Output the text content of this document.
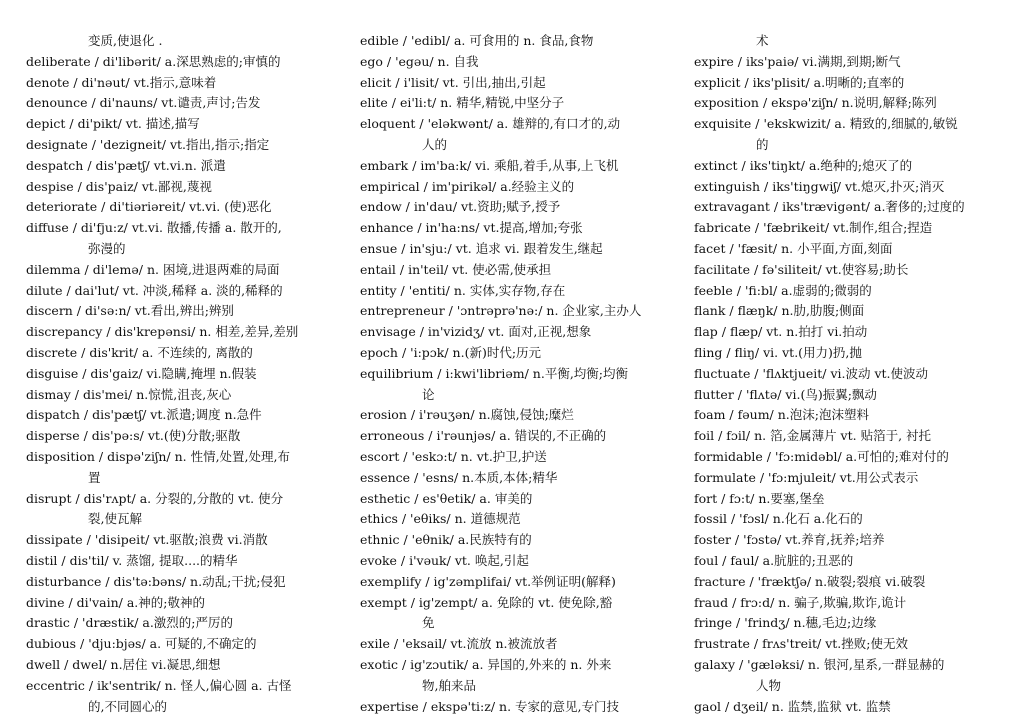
变质,使退化 .
deliberate / di'libərit/ a.深思熟虑的;审慎的
denote / di'nəut/ vt.指示,意味着
denounce / di'nauns/ vt.谴责,声讨;告发
depict / di'pikt/ vt. 描述,描写
designate / 'dezigneit/ vt.指出,指示;指定
despatch / dis'pætʃ/ vt.vi.n. 派遣
despise / dis'paiz/ vt.鄙视,蔑视
deteriorate / di'tiəriəreit/ vt.vi. (使)恶化
diffuse / di'fju:z/ vt.vi. 散播,传播 a. 散开的,
弥漫的
dilemma / di'lemə/ n. 困境,进退两难的局面
dilute / dai'lut/ vt. 冲淡,稀释 a. 淡的,稀释的
discern / di'sə:n/ vt.看出,辨出;辨别
discrepancy / dis'krepənsi/ n. 相差,差异,差别
discrete / dis'krit/ a. 不连续的, 离散的
disguise / dis'gaiz/ vi.隐瞒,掩埋 n.假装
dismay / dis'mei/ n.惊慌,沮丧,灰心
dispatch / dis'pætʃ/ vt.派遣;调度 n.急件
disperse / dis'pə:s/ vt.(使)分散;驱散
disposition / dispə'ziʃn/ n. 性情,处置,处理,布
置
disrupt / dis'rʌpt/ a. 分裂的,分散的 vt. 使分
裂,使瓦解
dissipate / 'disipeit/ vt.驱散;浪费 vi.消散
distil / dis'til/ v. 蒸馏, 提取....的精华
disturbance / dis'tə:bəns/ n.动乱;干扰;侵犯
divine / di'vain/ a.神的;敬神的
drastic / 'dræstik/ a.激烈的;严厉的
dubious / 'dju:bjəs/ a. 可疑的,不确定的
dwell / dwel/ n.居住 vi.凝思,细想
eccentric / ik'sentrik/ n. 怪人,偏心圆 a. 古怪
的,不同圆心的
edible / 'edibl/ a. 可食用的 n. 食品,食物
ego / 'egəu/ n. 自我
elicit / i'lisit/ vt. 引出,抽出,引起
elite / ei'li:t/ n. 精华,精锐,中坚分子
eloquent / 'eləkwənt/ a. 雄辩的,有口才的,动
人的
embark / im'ba:k/ vi. 乘船,着手,从事,上飞机
empirical / im'pirikəl/ a.经验主义的
endow / in'dau/ vt.资助;赋予,授予
enhance / in'ha:ns/ vt.提高,增加;夸张
ensue / in'sju:/ vt. 追求 vi. 跟着发生,继起
entail / in'teil/ vt. 使必需,使承担
entity / 'entiti/ n. 实体,实存物,存在
entrepreneur / 'ɔntrəprə'nə:/ n. 企业家,主办人
envisage / in'vizidʒ/ vt. 面对,正视,想象
epoch / 'i:pɔk/ n.(新)时代;历元
equilibrium / i:kwi'libriəm/ n.平衡,均衡;均衡
论
erosion / i'rəuʒən/ n.腐蚀,侵蚀;糜烂
erroneous / i'rəunjəs/ a. 错误的,不正确的
escort / 'eskɔ:t/ n. vt.护卫,护送
essence / 'esns/ n.本质,本体;精华
esthetic / es'θetik/ a. 审美的
ethics / 'eθiks/ n. 道德规范
ethnic / 'eθnik/ a.民族特有的
evoke / i'vəuk/ vt. 唤起,引起
exemplify / ig'zəmplifai/ vt.举例证明(解释)
exempt / ig'zempt/ a. 免除的 vt. 使免除,豁
免
exile / 'eksail/ vt.流放 n.被流放者
exotic / ig'zɔutik/ a. 异国的,外来的 n. 外来
物,舶来品
expertise / ekspə'ti:z/ n. 专家的意见,专门技
术
expire / iks'paiə/ vi.满期,到期;断气
explicit / iks'plisit/ a.明晰的;直率的
exposition / ekspə'ziʃn/ n.说明,解释;陈列
exquisite / 'ekskwizit/ a. 精致的,细腻的,敏锐
的
extinct / iks'tiŋkt/ a.绝种的;熄灭了的
extinguish / iks'tiŋgwiʃ/ vt.熄灭,扑灭;消灭
extravagant / iks'trævigənt/ a.奢侈的;过度的
fabricate / 'fæbrikeit/ vt.制作,组合;捏造
facet / 'fæsit/ n. 小平面,方面,刻面
facilitate / fə'siliteit/ vt.使容易;助长
feeble / 'fi:bl/ a.虚弱的;微弱的
flank / flæŋk/ n.肋,肋腹;侧面
flap / flæp/ vt. n.拍打 vi.拍动
fling / fliŋ/ vi. vt.(用力)扔,抛
fluctuate / 'flʌktjueit/ vi.波动 vt.使波动
flutter / 'flʌtə/ vi.(鸟)振翼;飘动
foam / fəum/ n.泡沫;泡沫塑料
foil / fɔil/ n. 箔,金属薄片 vt. 贴箔于, 衬托
formidable / 'fɔ:midəbl/ a.可怕的;难对付的
formulate / 'fɔ:mjuleit/ vt.用公式表示
fort / fɔ:t/ n.要塞,堡垒
fossil / 'fɔsl/ n.化石 a.化石的
foster / 'fɔstə/ vt.养育,抚养;培养
foul / faul/ a.肮脏的;丑恶的
fracture / 'fræktʃə/ n.破裂;裂痕 vi.破裂
fraud / frɔ:d/ n. 骗子,欺骗,欺诈,诡计
fringe / 'frindʒ/ n.穗,毛边;边缘
frustrate / frʌs'treit/ vt.挫败;使无效
galaxy / 'gæləksi/ n. 银河,星系,一群显赫的
人物
gaol / dʒeil/ n. 监禁,监狱 vt. 监禁
